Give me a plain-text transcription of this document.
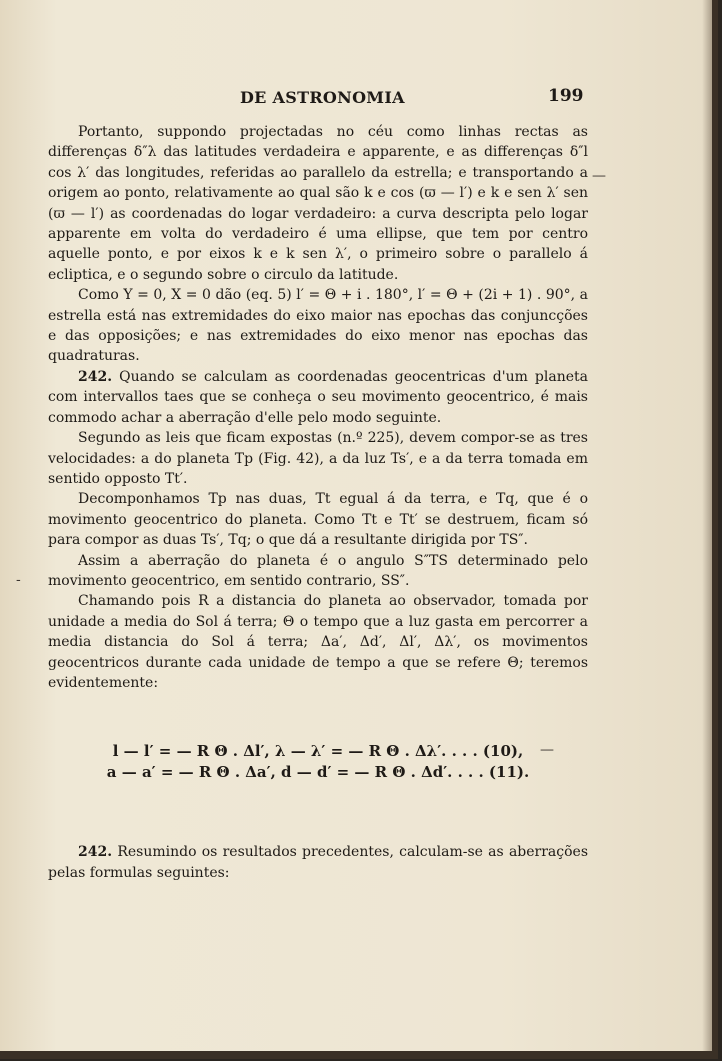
DE ASTRONOMIA	199

Portanto, suppondo projectadas no céu como linhas rectas as differenças δ″λ das latitudes verdadeira e apparente, e as differenças δ″l cos λ′ das longitudes, referidas ao parallelo da estrella; e transportando a origem ao ponto, relativamente ao qual são k e cos (ϖ — l′) e k e sen λ′ sen (ϖ — l′) as coordenadas do logar verdadeiro: a curva descripta pelo logar apparente em volta do verdadeiro é uma ellipse, que tem por centro aquelle ponto, e por eixos k e k sen λ′, o primeiro sobre o parallelo á ecliptica, e o segundo sobre o circulo da latitude.

Como Y = 0, X = 0 dão (eq. 5) l′ = Θ + i . 180°, l′ = Θ + (2i + 1) . 90°, a estrella está nas extremidades do eixo maior nas epochas das conjuncções e das opposições; e nas extremidades do eixo menor nas epochas das quadraturas.

242. Quando se calculam as coordenadas geocentricas d'um planeta com intervallos taes que se conheça o seu movimento geocentrico, é mais commodo achar a aberração d'elle pelo modo seguinte.

Segundo as leis que ficam expostas (n.º 225), devem compor-se as tres velocidades: a do planeta Tp (Fig. 42), a da luz Ts′, e a da terra tomada em sentido opposto Tt′.

Decomponhamos Tp nas duas, Tt egual á da terra, e Tq, que é o movimento geocentrico do planeta. Como Tt e Tt′ se destruem, ficam só para compor as duas Ts′, Tq; o que dá a resultante dirigida por TS″.

Assim a aberração do planeta é o angulo S″TS determinado pelo movimento geocentrico, em sentido contrario, SS″.

Chamando pois R a distancia do planeta ao observador, tomada por unidade a media do Sol á terra; Θ o tempo que a luz gasta em percorrer a media distancia do Sol á terra; Δa′, Δd′, Δl′, Δλ′, os movimentos geocentricos durante cada unidade de tempo a que se refere Θ; teremos evidentemente:

l — l′ = — R Θ . Δl′, λ — λ′ = — R Θ . Δλ′. . . . (10),

a — a′ = — R Θ . Δa′, d — d′ = — R Θ . Δd′. . . . (11).

242. Resumindo os resultados precedentes, calculam-se as aberrações pelas formulas seguintes:

—
—
-
